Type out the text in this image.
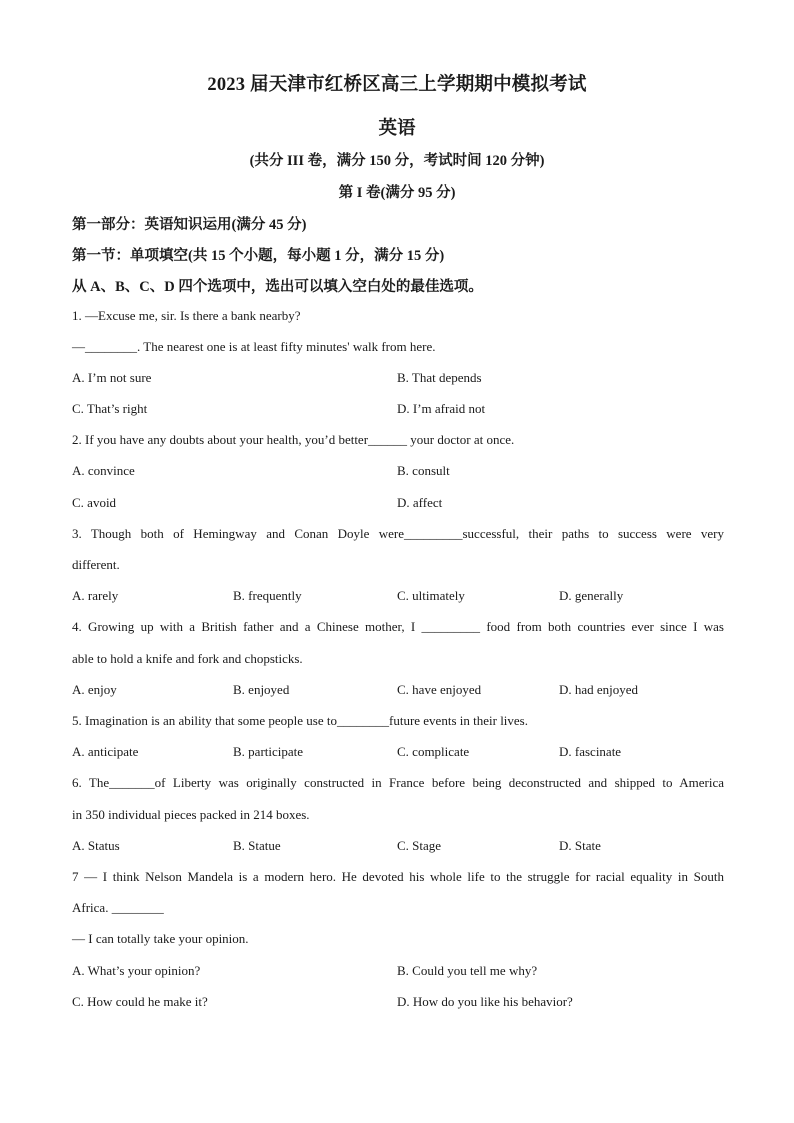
2023 届天津市红桥区高三上学期期中模拟考试
英语
(共分 III 卷，满分 150 分，考试时间 120 分钟)
第 I 卷(满分 95 分)
第一部分：英语知识运用(满分 45 分)
第一节：单项填空(共 15 个小题，每小题 1 分，满分 15 分)
从 A、B、C、D 四个选项中，选出可以填入空白处的最佳选项。
1. —Excuse me, sir. Is there a bank nearby?
—________. The nearest one is at least fifty minutes' walk from here.
A. I’m not sure	B. That depends
C. That’s right	D. I’m afraid not
2. If you have any doubts about your health, you’d better______ your doctor at once.
A. convince	B. consult
C. avoid	D. affect
3. Though both of Hemingway and Conan Doyle were_________successful, their paths to success were very
different.
A. rarely	B. frequently	C. ultimately	D. generally
4. Growing up with a British father and a Chinese mother, I _________ food from both countries ever since I was
able to hold a knife and fork and chopsticks.
A. enjoy	B. enjoyed	C. have enjoyed	D. had enjoyed
5. Imagination is an ability that some people use to________future events in their lives.
A. anticipate	B. participate	C. complicate	D. fascinate
6. The_______of Liberty was originally constructed in France before being deconstructed and shipped to America
in 350 individual pieces packed in 214 boxes.
A. Status	B. Statue	C. Stage	D. State
7 — I think Nelson Mandela is a modern hero. He devoted his whole life to the struggle for racial equality in South
Africa. ________
— I can totally take your opinion.
A. What’s your opinion?	B. Could you tell me why?
C. How could he make it?	D. How do you like his behavior?
